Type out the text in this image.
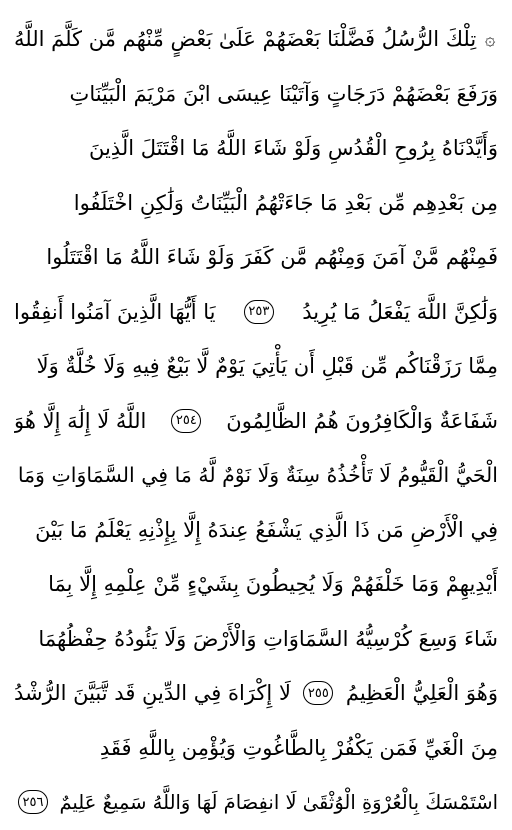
۞
تِلْكَ الرُّسُلُ فَضَّلْنَا بَعْضَهُمْ عَلَىٰ بَعْضٍ مِّنْهُم مَّن كَلَّمَ اللَّهُ
وَرَفَعَ بَعْضَهُمْ دَرَجَاتٍ وَآتَيْنَا عِيسَى ابْنَ مَرْيَمَ الْبَيِّنَاتِ
وَأَيَّدْنَاهُ بِرُوحِ الْقُدُسِ وَلَوْ شَاءَ اللَّهُ مَا اقْتَتَلَ الَّذِينَ
مِن بَعْدِهِم مِّن بَعْدِ مَا جَاءَتْهُمُ الْبَيِّنَاتُ وَلَٰكِنِ اخْتَلَفُوا
فَمِنْهُم مَّنْ آمَنَ وَمِنْهُم مَّن كَفَرَ وَلَوْ شَاءَ اللَّهُ مَا اقْتَتَلُوا
وَلَٰكِنَّ اللَّهَ يَفْعَلُ مَا يُرِيدُ
٢٥٣
يَا أَيُّهَا الَّذِينَ آمَنُوا أَنفِقُوا
مِمَّا رَزَقْنَاكُم مِّن قَبْلِ أَن يَأْتِيَ يَوْمٌ لَّا بَيْعٌ فِيهِ وَلَا خُلَّةٌ وَلَا
شَفَاعَةٌ وَالْكَافِرُونَ هُمُ الظَّالِمُونَ
٢٥٤
اللَّهُ لَا إِلَٰهَ إِلَّا هُوَ
الْحَيُّ الْقَيُّومُ لَا تَأْخُذُهُ سِنَةٌ وَلَا نَوْمٌ لَّهُ مَا فِي السَّمَاوَاتِ وَمَا
فِي الْأَرْضِ مَن ذَا الَّذِي يَشْفَعُ عِندَهُ إِلَّا بِإِذْنِهِ يَعْلَمُ مَا بَيْنَ
أَيْدِيهِمْ وَمَا خَلْفَهُمْ وَلَا يُحِيطُونَ بِشَيْءٍ مِّنْ عِلْمِهِ إِلَّا بِمَا
شَاءَ وَسِعَ كُرْسِيُّهُ السَّمَاوَاتِ وَالْأَرْضَ وَلَا يَئُودُهُ حِفْظُهُمَا
وَهُوَ الْعَلِيُّ الْعَظِيمُ
٢٥٥
لَا إِكْرَاهَ فِي الدِّينِ قَد تَّبَيَّنَ الرُّشْدُ
مِنَ الْغَيِّ فَمَن يَكْفُرْ بِالطَّاغُوتِ وَيُؤْمِن بِاللَّهِ فَقَدِ
اسْتَمْسَكَ بِالْعُرْوَةِ الْوُثْقَىٰ لَا انفِصَامَ لَهَا وَاللَّهُ سَمِيعٌ عَلِيمٌ
٢٥٦
